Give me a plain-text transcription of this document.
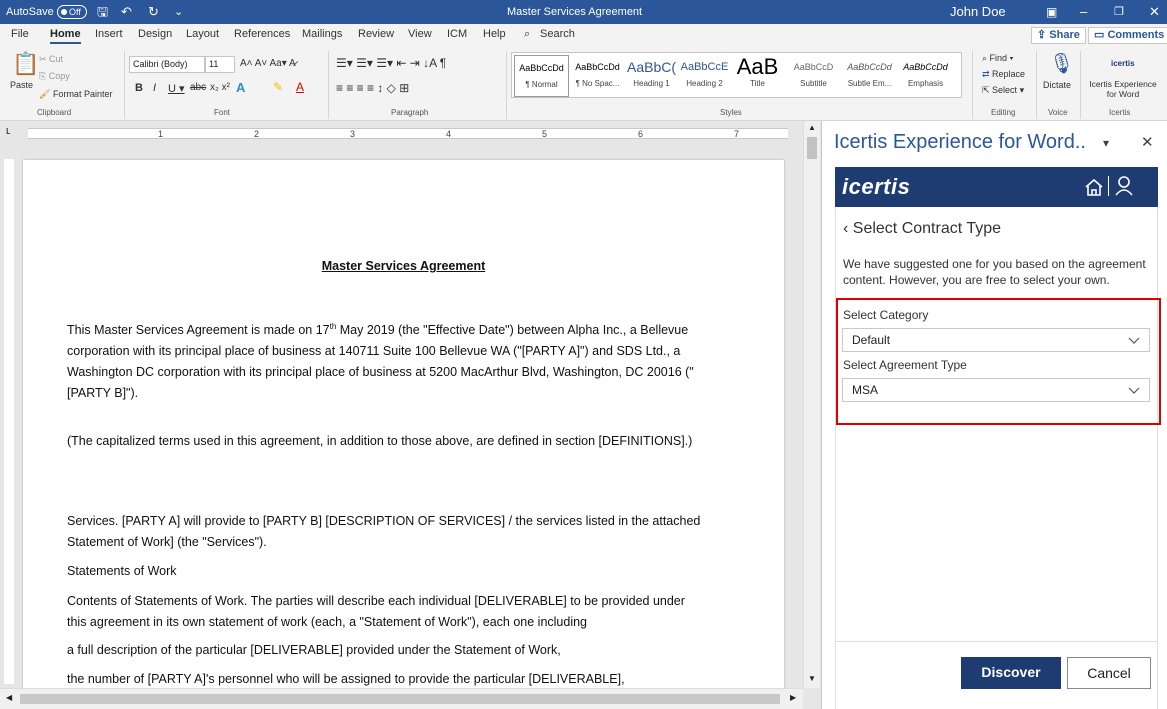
AutoSave	Off	🖫 ↶ ↻ ⌄	Master Services Agreement	John Doe	▣ – ❐ ✕
File Home Insert Design Layout References Mailings Review View ICM Help ⌕ Search	⇪ Share	▭ Comments
📋
Paste
✂ Cut
⎘ Copy
🖌 Format Painter
Clipboard
Calibri (Body)	11	A˄ A˅ Aa▾ A̷
B I U ▾ abc x₂ x² A ✎ A
Font
☰▾ ☰▾ ☰▾ ⇤ ⇥ ↓A ¶
≡ ≡ ≡ ≡ ↕ ◇ ⊞
Paragraph
AaBbCcDd
¶ Normal
AaBbCcDd
¶ No Spac...
AaBbC(
Heading 1
AaBbCcE
Heading 2
AaB
Title
AaBbCcD
Subtitle
AaBbCcDd
Subtle Em...
AaBbCcDd
Emphasis
Styles
⌕ Find ▾
⇄ Replace
⇱ Select ▾
Editing
🎙
Dictate
Voice
icertis
Icertis Experience for Word
Icertis
ʟ	1	2	3	4	5	6	7
Master Services Agreement
This Master Services Agreement is made on 17th May 2019 (the "Effective Date") between Alpha Inc., a Bellevue corporation with its principal place of business at 140711 Suite 100 Bellevue WA ("[PARTY A]") and SDS Ltd., a Washington DC corporation with its principal place of business at 5200 MacArthur Blvd, Washington, DC 20016 ("[PARTY B]").
(The capitalized terms used in this agreement, in addition to those above, are defined in section [DEFINITIONS].)
Services. [PARTY A] will provide to [PARTY B] [DESCRIPTION OF SERVICES] / the services listed in the attached Statement of Work] (the "Services").
Statements of Work
Contents of Statements of Work. The parties will describe each individual [DELIVERABLE] to be provided under this agreement in its own statement of work (each, a "Statement of Work"), each one including
a full description of the particular [DELIVERABLE] provided under the Statement of Work,
the number of [PARTY A]'s personnel who will be assigned to provide the particular [DELIVERABLE],
▲
▼
◀	▶
Icertis Experience for Word.. ▾ ✕
icertis
‹ Select Contract Type
We have suggested one for you based on the agreement content. However, you are free to select your own.
Select Category
Default
Select Agreement Type
MSA
Discover	Cancel
